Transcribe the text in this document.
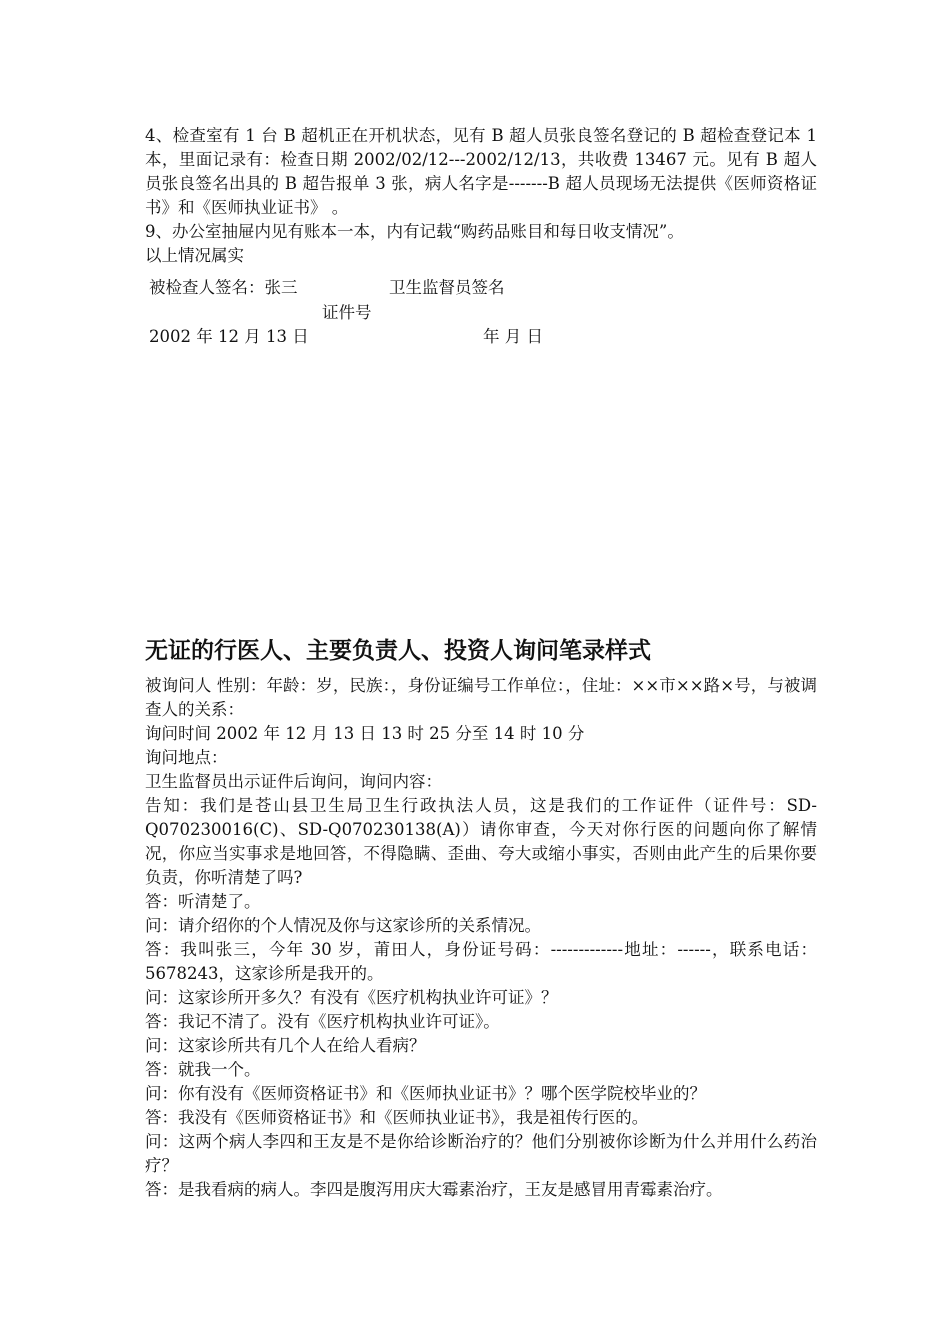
4、检查室有 1 台 B 超机正在开机状态，见有 B 超人员张良签名登记的 B 超检查登记本 1 本，里面记录有：检查日期 2002/02/12---2002/12/13，共收费 13467 元。见有 B 超人员张良签名出具的 B 超告报单 3 张，病人名字是-------B 超人员现场无法提供《医师资格证书》和《医师执业证书》 。

9、办公室抽屉内见有账本一本，内有记载“购药品账目和每日收支情况”。

以上情况属实

被检查人签名：张三	卫生监督员签名
证件号
2002 年 12 月 13 日	年 月 日
无证的行医人、主要负责人、投资人询问笔录样式

被询问人 性别：年龄：岁，民族：，身份证编号工作单位：，住址：××市××路×号，与被调查人的关系：

询问时间 2002 年 12 月 13 日 13 时 25 分至 14 时 10 分

询问地点：

卫生监督员出示证件后询问，询问内容：

告知：我们是苍山县卫生局卫生行政执法人员，这是我们的工作证件（证件号：SD-Q070230016(C)、SD-Q070230138(A)）请你审查，今天对你行医的问题向你了解情况，你应当实事求是地回答，不得隐瞒、歪曲、夸大或缩小事实，否则由此产生的后果你要负责，你听清楚了吗?

答：听清楚了。

问：请介绍你的个人情况及你与这家诊所的关系情况。

答：我叫张三，今年 30 岁，莆田人，身份证号码：-------------地址：------，联系电话：5678243，这家诊所是我开的。

问：这家诊所开多久？有没有《医疗机构执业许可证》？

答：我记不清了。没有《医疗机构执业许可证》。

问：这家诊所共有几个人在给人看病？

答：就我一个。

问：你有没有《医师资格证书》和《医师执业证书》？哪个医学院校毕业的？

答：我没有《医师资格证书》和《医师执业证书》，我是祖传行医的。

问：这两个病人李四和王友是不是你给诊断治疗的？他们分别被你诊断为什么并用什么药治疗？

答：是我看病的病人。李四是腹泻用庆大霉素治疗，王友是感冒用青霉素治疗。
